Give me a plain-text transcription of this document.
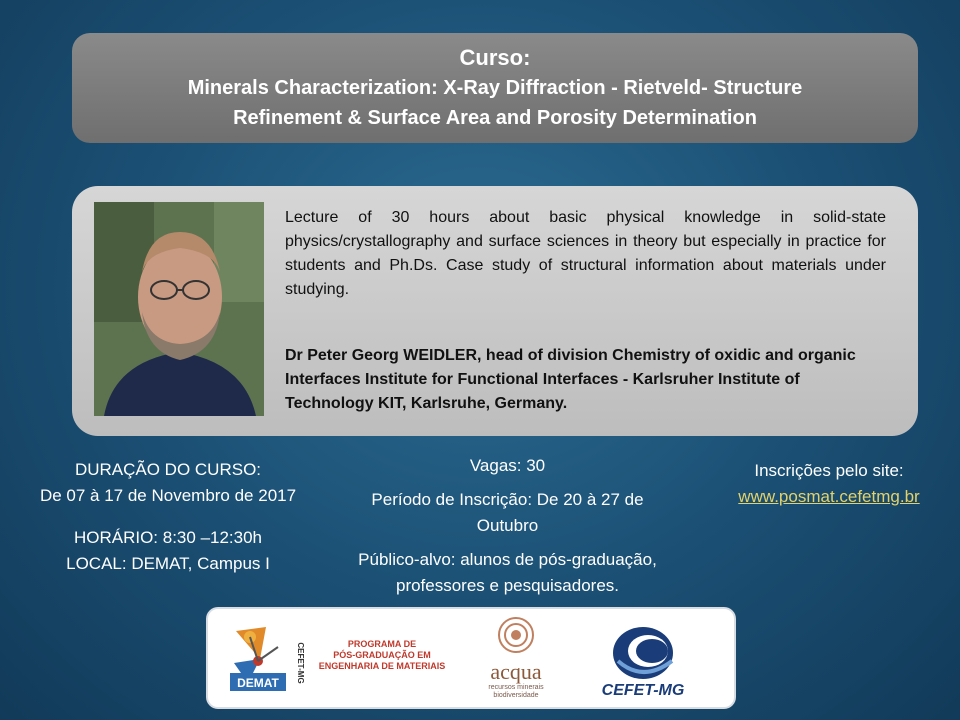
Curso:
Minerals Characterization: X-Ray Diffraction - Rietveld- Structure
Refinement & Surface Area and Porosity Determination
Lecture of 30 hours about basic physical knowledge in solid-state physics/crystallography and surface sciences in theory but especially in practice for students and Ph.Ds. Case study of structural information about materials under studying.
Dr Peter Georg WEIDLER, head of division Chemistry of oxidic and organic Interfaces Institute for Functional Interfaces - Karlsruher Institute of Technology KIT, Karlsruhe, Germany.

DURAÇÃO DO CURSO:

De 07 à 17 de Novembro de 2017

HORÁRIO: 8:30 –12:30h

LOCAL: DEMAT, Campus I

Vagas: 30

Período de Inscrição: De 20 à 27 de

Outubro

Público-alvo: alunos de pós-graduação,

professores e pesquisadores.

Inscrições pelo site:

www.posmat.cefetmg.br

DEMAT CEFET-MG	PROGRAMA DE
PÓS-GRADUAÇÃO EM
ENGENHARIA DE MATERIAIS	acqua
recursos minerais
biodiversidade	CEFET-MG
